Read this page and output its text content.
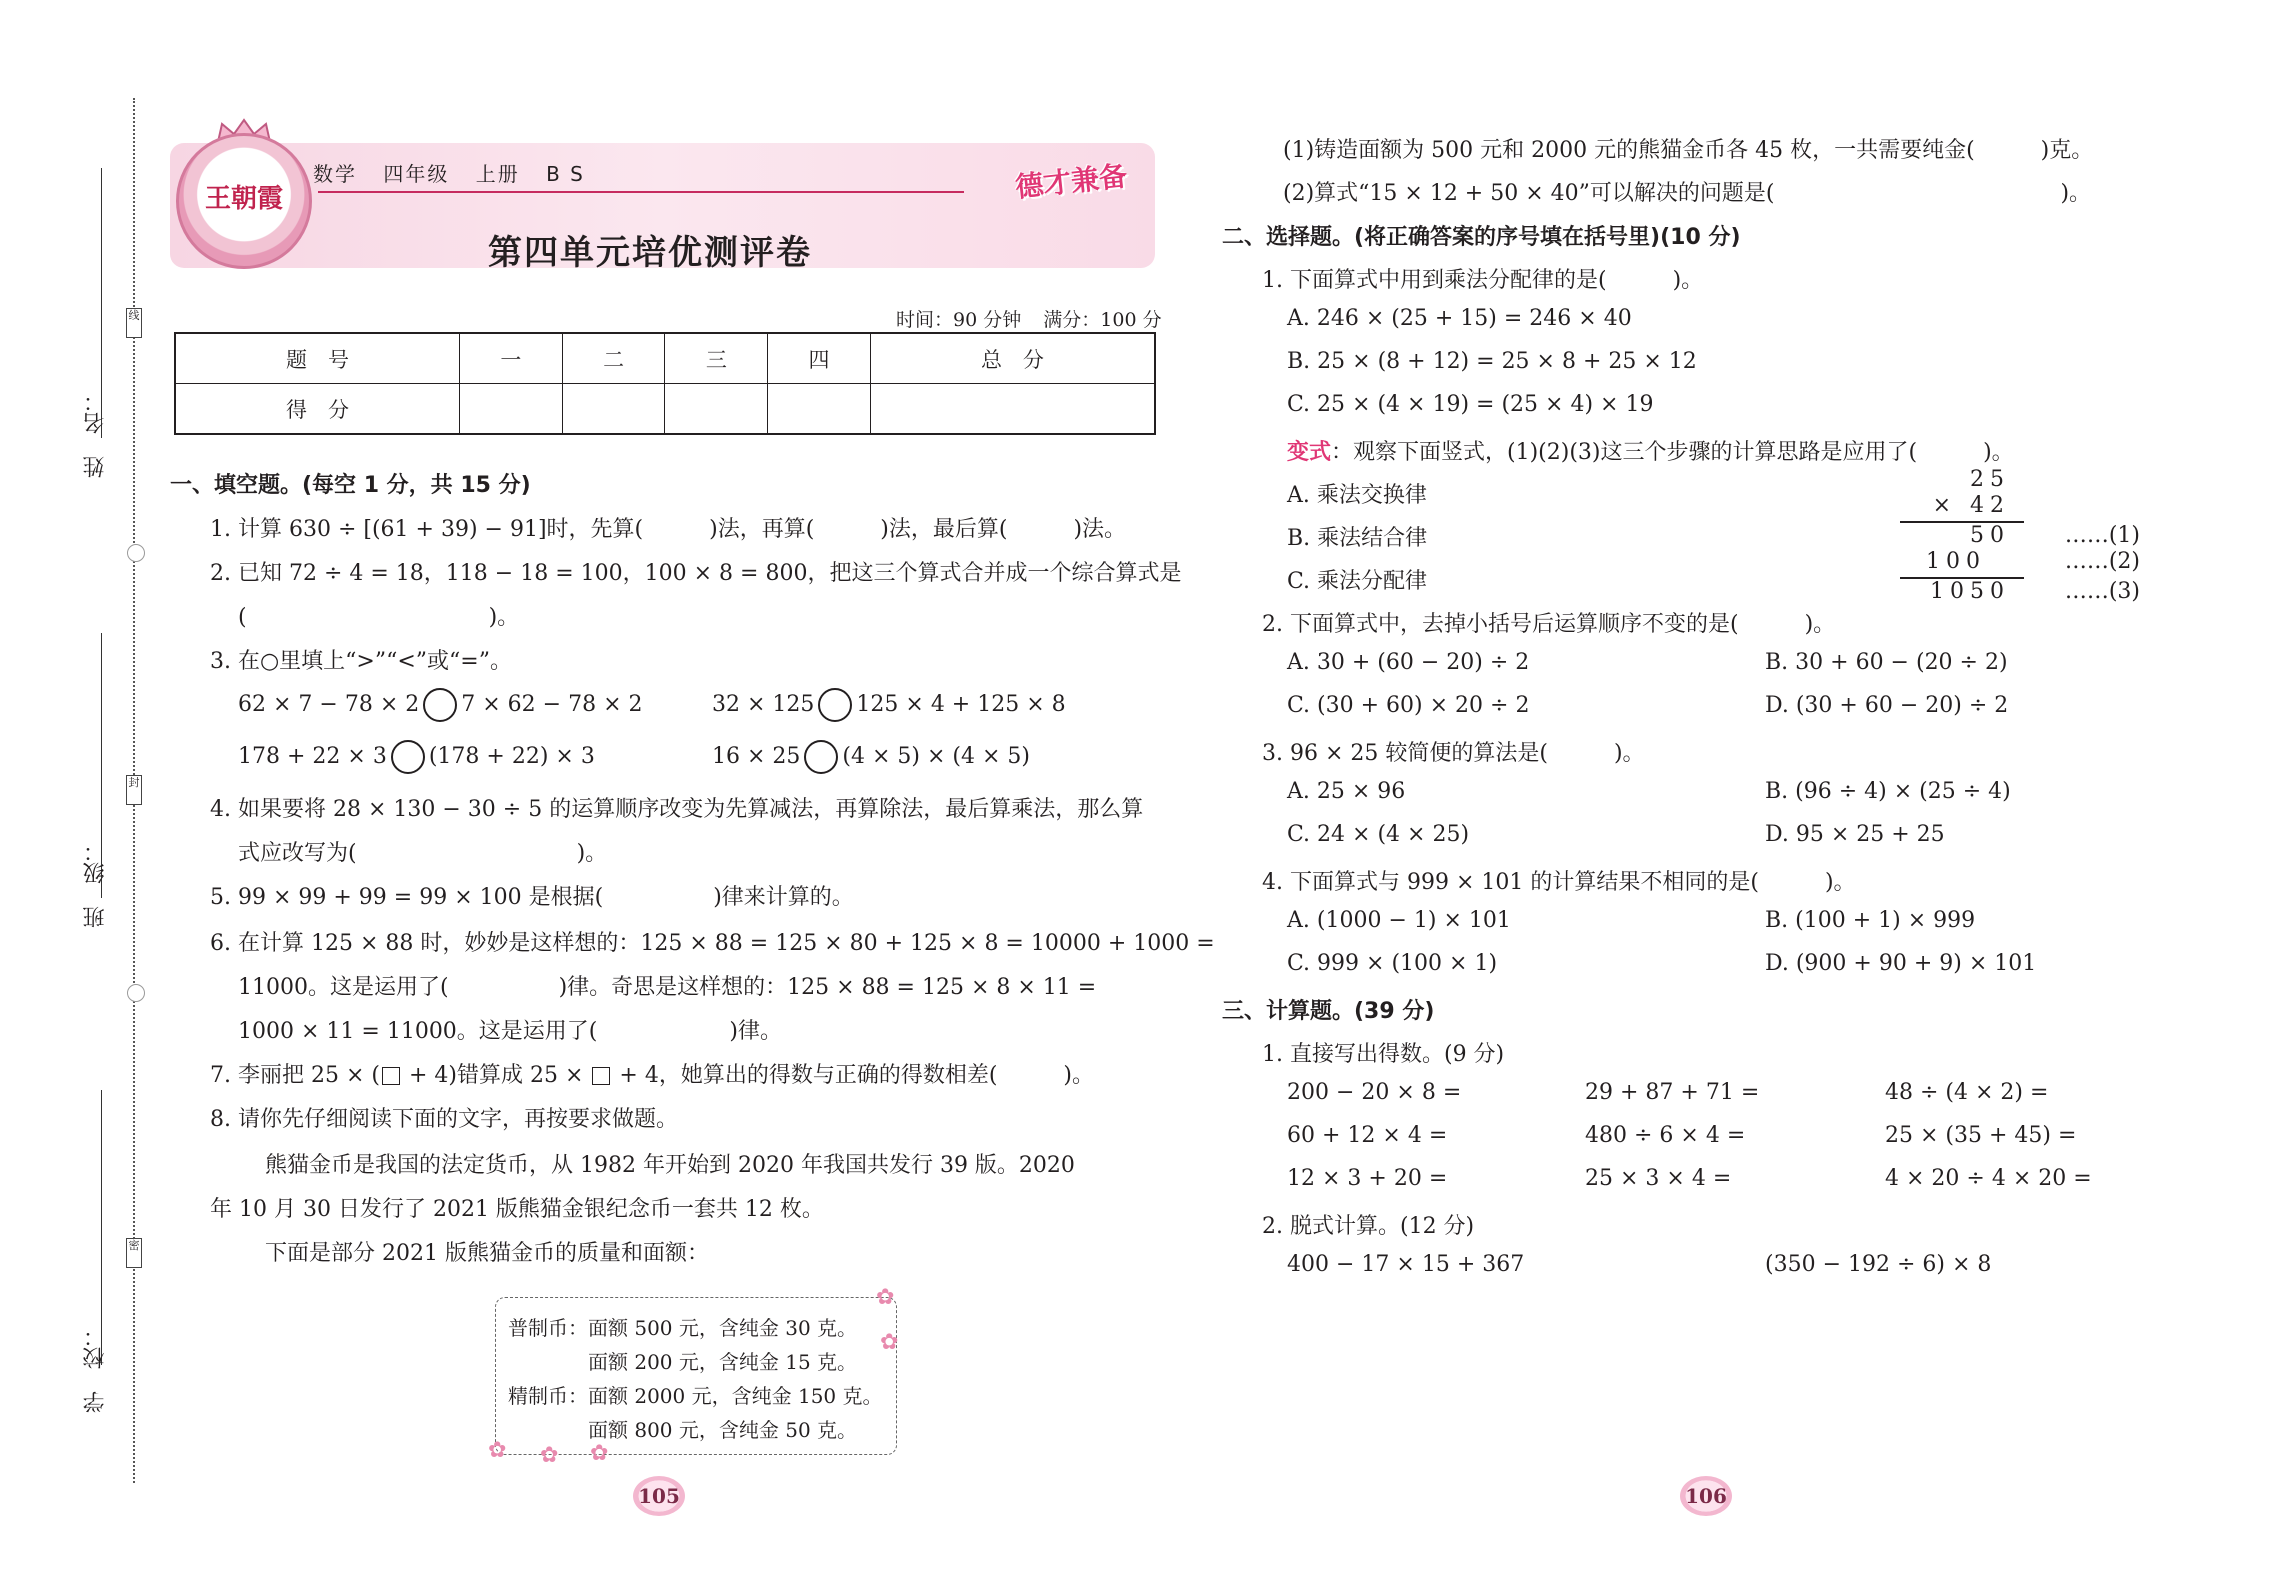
姓　名：
班　级：
学　校：
线
封
密
王朝霞
数学 四年级 上册 B S	德才兼备
第四单元培优测评卷
时间：90 分钟 满分：100 分
题　号	一	二	三	四	总　分
得　分					
一、填空题。(每空 1 分，共 15 分)
1. 计算 630 ÷ [(61 + 39) − 91]时，先算(　　　)法，再算(　　　)法，最后算(　　　)法。
2. 已知 72 ÷ 4 = 18，118 − 18 = 100，100 × 8 = 800，把这三个算式合并成一个综合算式是
(　　　　　　　　　　　)。
3. 在○里填上“>”“<”或“=”。
62 × 7 − 78 × 2 7 × 62 − 78 × 2	32 × 125 125 × 4 + 125 × 8
178 + 22 × 3 (178 + 22) × 3	16 × 25 (4 × 5) × (4 × 5)
4. 如果要将 28 × 130 − 30 ÷ 5 的运算顺序改变为先算减法，再算除法，最后算乘法，那么算
式应改写为(　　　　　　　　　　)。
5. 99 × 99 + 99 = 99 × 100 是根据(　　　　　)律来计算的。
6. 在计算 125 × 88 时，妙妙是这样想的：125 × 88 = 125 × 80 + 125 × 8 = 10000 + 1000 =
11000。这是运用了(　　　　　)律。奇思是这样想的：125 × 88 = 125 × 8 × 11 =
1000 × 11 = 11000。这是运用了(　　　　　　)律。
7. 李丽把 25 × ( + 4)错算成 25 ×  + 4，她算出的得数与正确的得数相差(　　　)。
8. 请你先仔细阅读下面的文字，再按要求做题。
熊猫金币是我国的法定货币，从 1982 年开始到 2020 年我国共发行 39 版。2020
年 10 月 30 日发行了 2021 版熊猫金银纪念币一套共 12 枚。
下面是部分 2021 版熊猫金币的质量和面额：
普制币：面额 500 元，含纯金 30 克。
　　　　面额 200 元，含纯金 15 克。
精制币：面额 2000 元，含纯金 150 克。
　　　　面额 800 元，含纯金 50 克。
✿
✿
✿ ✿ ✿
105
(1)铸造面额为 500 元和 2000 元的熊猫金币各 45 枚，一共需要纯金(　　　)克。
(2)算式“15 × 12 + 50 × 40”可以解决的问题是(　　　　　　　　　　　　　)。
二、选择题。(将正确答案的序号填在括号里)(10 分)
1. 下面算式中用到乘法分配律的是(　　　)。
A. 246 × (25 + 15) = 246 × 40
B. 25 × (8 + 12) = 25 × 8 + 25 × 12
C. 25 × (4 × 19) = (25 × 4) × 19
变式：观察下面竖式，(1)(2)(3)这三个步骤的计算思路是应用了(　　　)。
A. 乘法交换律
B. 乘法结合律
C. 乘法分配律
25
× 42
50 ……(1)
100	……(2)
1050 ……(3)
2. 下面算式中，去掉小括号后运算顺序不变的是(　　　)。
A. 30 + (60 − 20) ÷ 2	B. 30 + 60 − (20 ÷ 2)
C. (30 + 60) × 20 ÷ 2	D. (30 + 60 − 20) ÷ 2
3. 96 × 25 较简便的算法是(　　　)。
A. 25 × 96	B. (96 ÷ 4) × (25 ÷ 4)
C. 24 × (4 × 25)	D. 95 × 25 + 25
4. 下面算式与 999 × 101 的计算结果不相同的是(　　　)。
A. (1000 − 1) × 101	B. (100 + 1) × 999
C. 999 × (100 × 1)	D. (900 + 90 + 9) × 101
三、计算题。(39 分)
1. 直接写出得数。(9 分)
200 − 20 × 8 =	29 + 87 + 71 =	48 ÷ (4 × 2) =
60 + 12 × 4 =	480 ÷ 6 × 4 =	25 × (35 + 45) =
12 × 3 + 20 =	25 × 3 × 4 =	4 × 20 ÷ 4 × 20 =
2. 脱式计算。(12 分)
400 − 17 × 15 + 367	(350 − 192 ÷ 6) × 8
106
